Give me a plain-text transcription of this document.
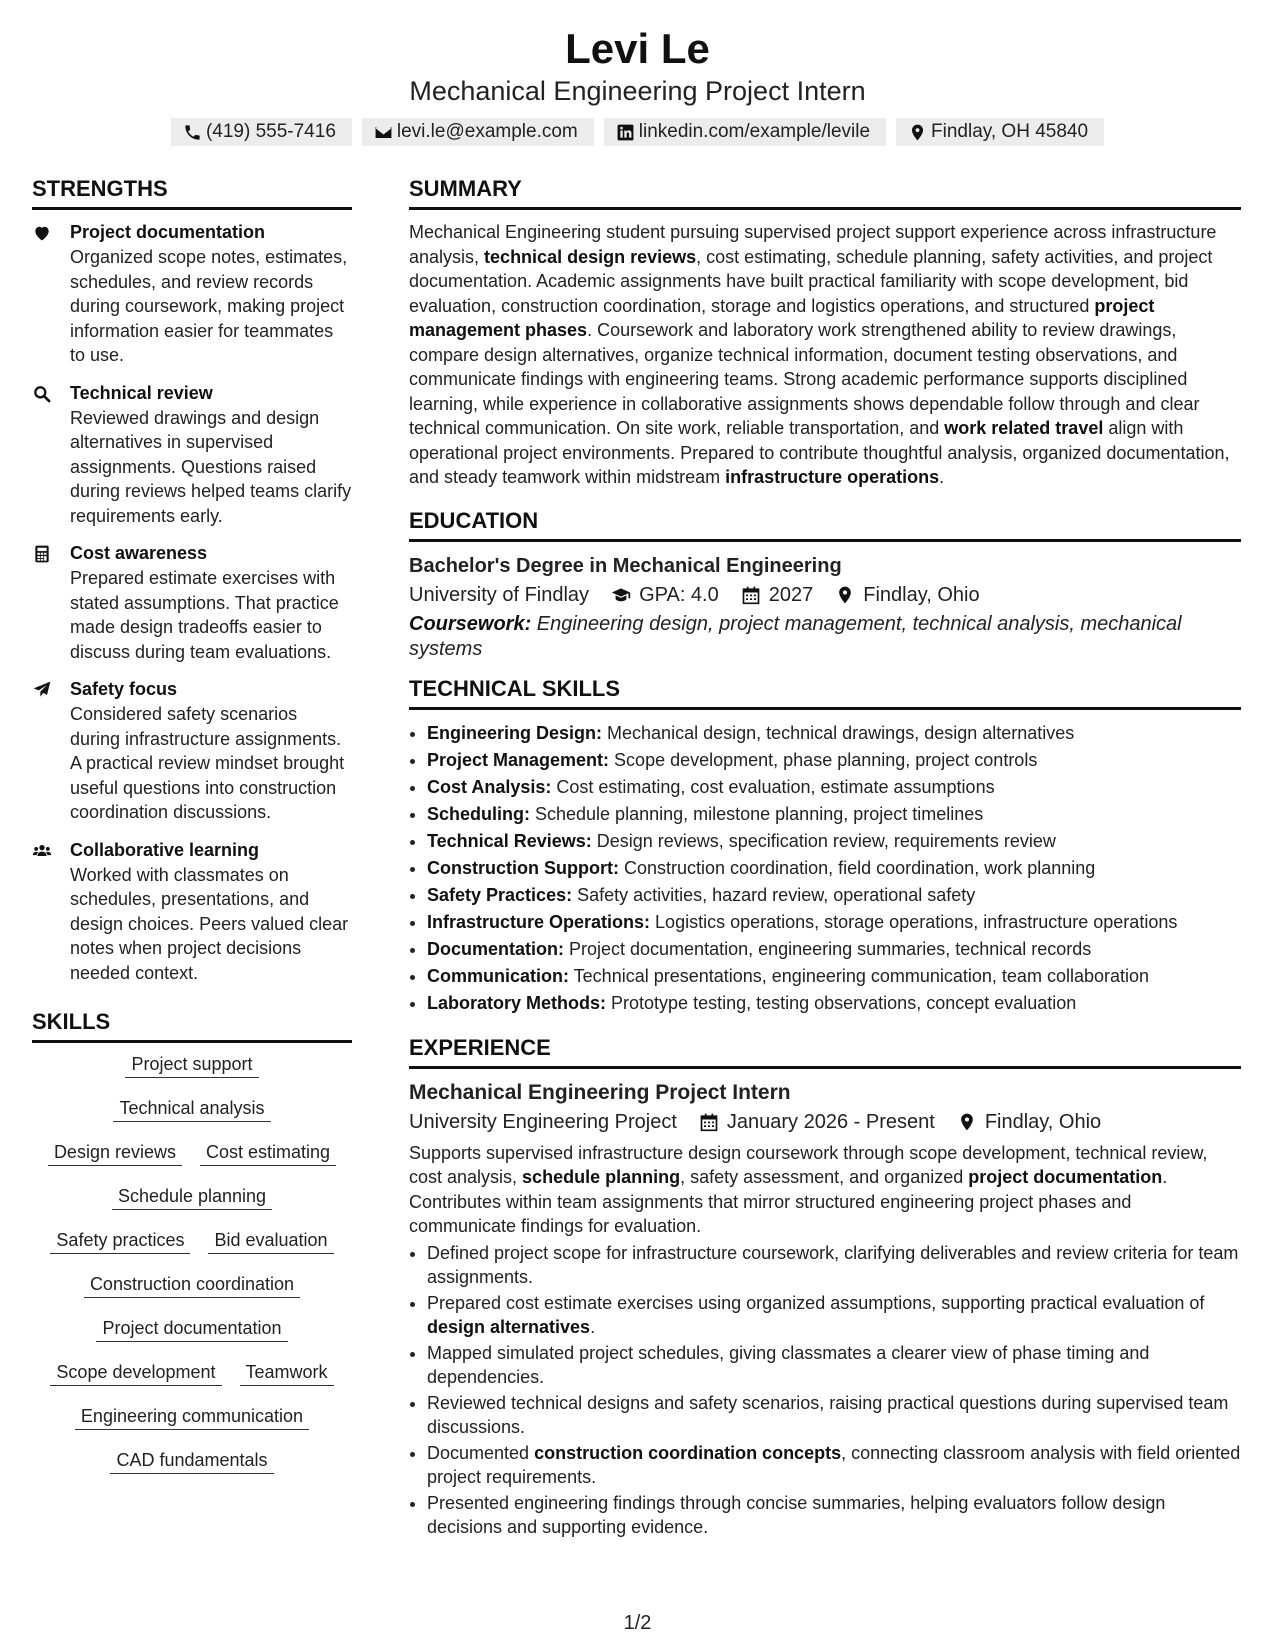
Levi Le
Mechanical Engineering Project Intern
(419) 555-7416	levi.le@example.com	linkedin.com/example/levile	Findlay, OH 45840
STRENGTHS
Project documentation
Organized scope notes, estimates, schedules, and review records during coursework, making project information easier for teammates to use.
Technical review
Reviewed drawings and design alternatives in supervised assignments. Questions raised during reviews helped teams clarify requirements early.
Cost awareness
Prepared estimate exercises with stated assumptions. That practice made design tradeoffs easier to discuss during team evaluations.
Safety focus
Considered safety scenarios during infrastructure assignments. A practical review mindset brought useful questions into construction coordination discussions.
Collaborative learning
Worked with classmates on schedules, presentations, and design choices. Peers valued clear notes when project decisions needed context.
SKILLS
Project support
Technical analysis
Design reviews	Cost estimating
Schedule planning
Safety practices	Bid evaluation
Construction coordination
Project documentation
Scope development	Teamwork
Engineering communication
CAD fundamentals
SUMMARY

Mechanical Engineering student pursuing supervised project support experience across infrastructure analysis, technical design reviews, cost estimating, schedule planning, safety activities, and project documentation. Academic assignments have built practical familiarity with scope development, bid evaluation, construction coordination, storage and logistics operations, and structured project management phases. Coursework and laboratory work strengthened ability to review drawings, compare design alternatives, organize technical information, document testing observations, and communicate findings with engineering teams. Strong academic performance supports disciplined learning, while experience in collaborative assignments shows dependable follow through and clear technical communication. On site work, reliable transportation, and work related travel align with operational project environments. Prepared to contribute thoughtful analysis, organized documentation, and steady teamwork within midstream infrastructure operations.

EDUCATION
Bachelor's Degree in Mechanical Engineering
University of Findlay	GPA: 4.0	2027	Findlay, Ohio
Coursework: Engineering design, project management, technical analysis, mechanical systems
TECHNICAL SKILLS
• Engineering Design: Mechanical design, technical drawings, design alternatives
• Project Management: Scope development, phase planning, project controls
• Cost Analysis: Cost estimating, cost evaluation, estimate assumptions
• Scheduling: Schedule planning, milestone planning, project timelines
• Technical Reviews: Design reviews, specification review, requirements review
• Construction Support: Construction coordination, field coordination, work planning
• Safety Practices: Safety activities, hazard review, operational safety
• Infrastructure Operations: Logistics operations, storage operations, infrastructure operations
• Documentation: Project documentation, engineering summaries, technical records
• Communication: Technical presentations, engineering communication, team collaboration
• Laboratory Methods: Prototype testing, testing observations, concept evaluation
EXPERIENCE
Mechanical Engineering Project Intern
University Engineering Project	January 2026 - Present	Findlay, Ohio

Supports supervised infrastructure design coursework through scope development, technical review, cost analysis, schedule planning, safety assessment, and organized project documentation. Contributes within team assignments that mirror structured engineering project phases and communicate findings for evaluation.

• Defined project scope for infrastructure coursework, clarifying deliverables and review criteria for team assignments.
• Prepared cost estimate exercises using organized assumptions, supporting practical evaluation of design alternatives.
• Mapped simulated project schedules, giving classmates a clearer view of phase timing and dependencies.
• Reviewed technical designs and safety scenarios, raising practical questions during supervised team discussions.
• Documented construction coordination concepts, connecting classroom analysis with field oriented project requirements.
• Presented engineering findings through concise summaries, helping evaluators follow design decisions and supporting evidence.
1/2
